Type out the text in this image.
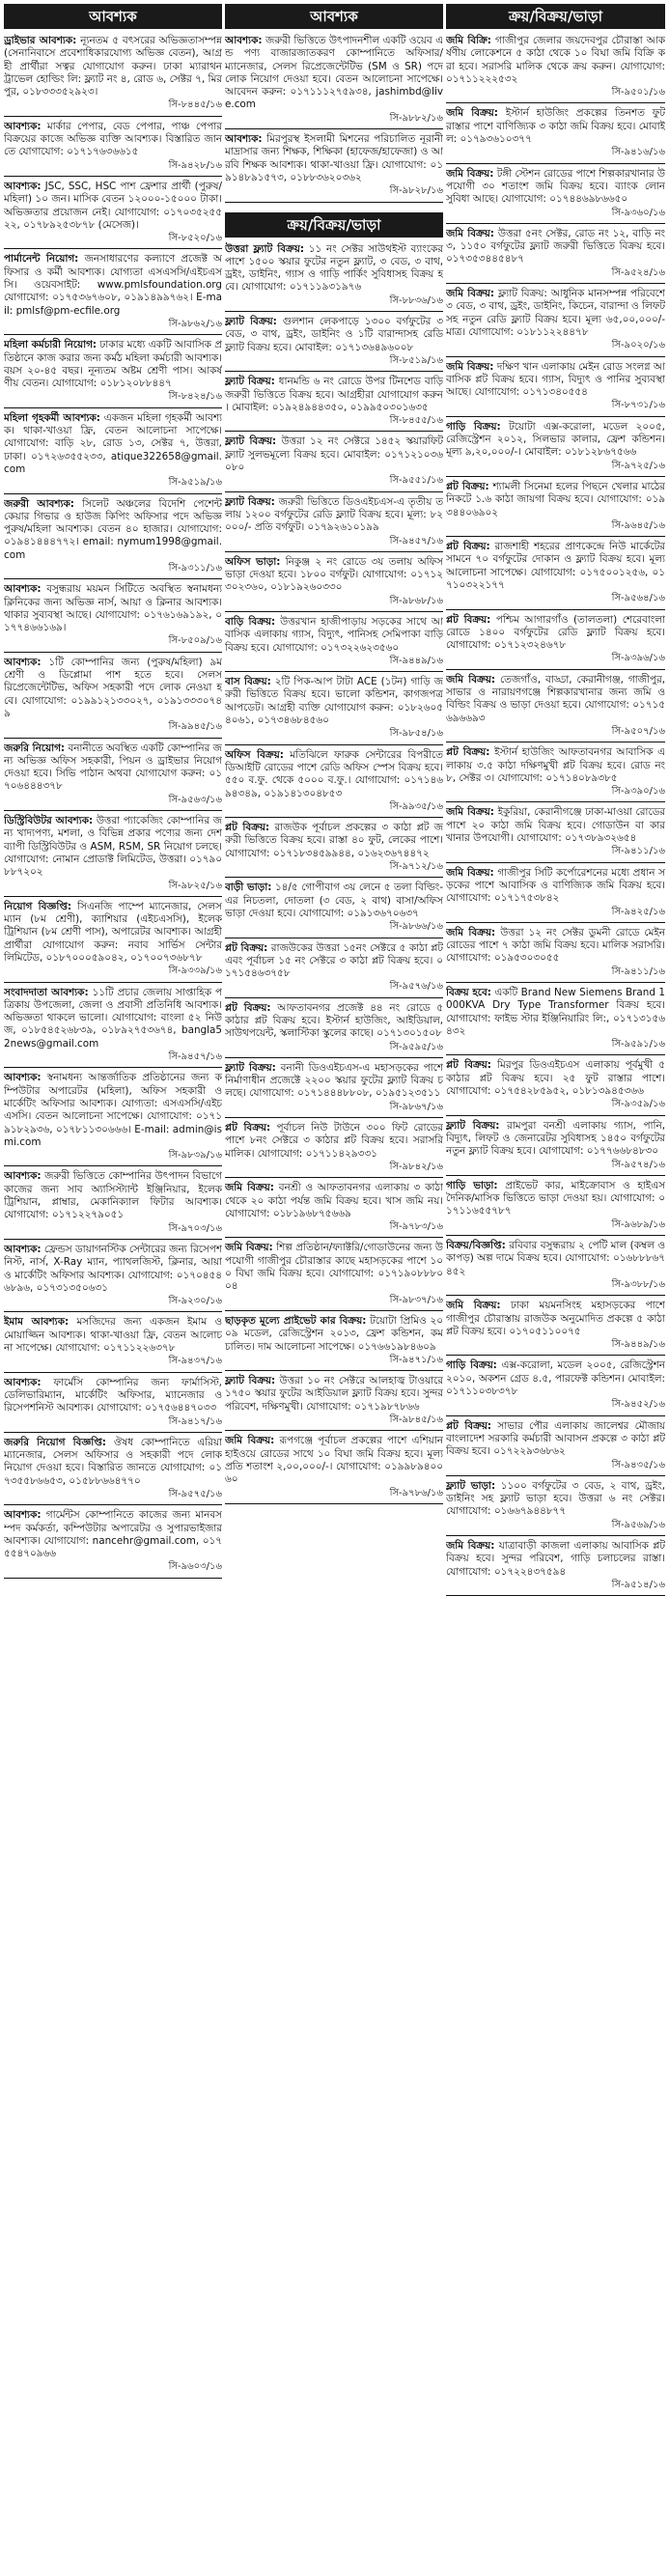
আবশ্যক
ড্রাইভার আবশ্যক: ন্যূনতম ৫ বৎসরের অভিজ্ঞতাসম্পন্ন (সেনানিবাসে প্রবেশাধিকারযোগ্য অভিজ্ঞ বেতন), আগ্রহী প্রার্থীরা সত্বর যোগাযোগ করুন। ঢাকা ম্যারাথন ট্রাভেল হোল্ডিং লি: ফ্ল্যাট নং ৪, রোড ৬, সেক্টর ৭, মিরপুর, ০১৮৩৩৩৫২৯২৩।
সি-৮৪৪৫/১৬
আবশ্যক: মার্কার পেপার, বেড পেপার, পাঞ্চ পেপার বিক্রয়ের কাজে অভিজ্ঞ ব্যক্তি আবশ্যক। বিস্তারিত জানতে যোগাযোগ: ০১৭১৭৬৩৬৬১৫
সি-৯৪২৮/১৬
আবশ্যক: JSC, SSC, HSC পাশ ফ্রেশার প্রার্থী (পুরুষ/মহিলা) ১০ জন। মাসিক বেতন ১২০০০-১৫০০০ টাকা। অভিজ্ঞতার প্রয়োজন নেই। যোগাযোগ: ০১৭০৩৫২৫৫২২, ০১৭৮৯২৫৩৮৭৮ (মেসেজ)।
সি-৮৫২০/১৬
পার্মানেন্ট নিয়োগ: জনসাধারণের কল্যাণে প্রজেক্ট অফিসার ও কর্মী আবশ্যক। যোগ্যতা এসএসসি/এইচএসসি। ওয়েবসাইট: www.pmlsfoundation.org যোগাযোগ: ০১৭৫৩৬৭৬০৮, ০১৯১৪৯৯৭৬২। E-mail: pmlsf@pm-ecfile.org
সি-৯৮৬২/১৬
মহিলা কর্মচারী নিয়োগ: ঢাকার মধ্যে একটি আবাসিক প্রতিষ্ঠানে কাজ করার জন্য কর্মঠ মহিলা কর্মচারী আবশ্যক। বয়স ২০-৪৫ বছর। নূন্যতম অষ্টম শ্রেণী পাস। আকর্ষণীয় বেতন। যোগাযোগ: ০১৮১২০৮৮৪৪৭
সি-৮৪২৪/১৬
মহিলা গৃহকর্মী আবশ্যক: একজন মহিলা গৃহকর্মী আবশ্যক। থাকা-খাওয়া ফ্রি, বেতন আলোচনা সাপেক্ষে। যোগাযোগ: বাড়ি ২৮, রোড ১৩, সেক্টর ৭, উত্তরা, ঢাকা। ০১৭২৬৩৫৫২৩৩, atique322658@gmail.com
সি-৯৫১৯/১৬
জরুরী আবশ্যক: সিলেট অঞ্চলের বিদেশি পেশেন্ট কেয়ার গিভার ও হাউজ কিপিং অফিসার পদে অভিজ্ঞ পুরুষ/মহিলা আবশ্যক। বেতন ৪০ হাজার। যোগাযোগ: ০১৯৪১৪৪৪৭৭২। email: nymum1998@gmail.com
সি-৯৩১১/১৬
আবশ্যক: বসুন্ধরায় ময়মন সিটিতে অবস্থিত স্বনামধন্য ক্লিনিকের জন্য অভিজ্ঞ নার্স, আয়া ও ক্লিনার আবশ্যক। থাকার সুব্যবস্থা আছে। যোগাযোগ: ০১৭৬১৬৯১৯২, ০১৭৭৪৬৬১৬৯।
সি-৮৫০৯/১৬
আবশ্যক: ১টি কোম্পানির জন্য (পুরুষ/মহিলা) ৯ম শ্রেণী ও ডিপ্লোমা পাশ হতে হবে। সেলস রিপ্রেজেন্টেটিভ, অফিস সহকারী পদে লোক নেওয়া হবে। যোগাযোগ: ০১৯৯১২১৩৩০২৭, ০১৯১৩৩৩০৭৪৯
সি-৯৯৪৫/১৬
জরুরি নিয়োগ: বনানীতে অবস্থিত একটি কোম্পানির জন্য অভিজ্ঞ অফিস সহকারী, পিয়ন ও ড্রাইভার নিয়োগ দেওয়া হবে। সিভি পাঠান অথবা যোগাযোগ করুন: ০১৭০৬৪৪৪৩৭৮
সি-৯৫৬৩/১৬
ডিস্ট্রিবিউটর আবশ্যক: উত্তরা প্যাকেজিং কোম্পানির জন্য খাদ্যপণ্য, মশলা, ও বিভিন্ন প্রকার পণ্যের জন্য দেশব্যাপী ডিস্ট্রিবিউটর ও ASM, RSM, SR নিয়োগ চলছে। যোগাযোগ: নোমান প্রোডাক্ট লিমিটেড, উত্তরা। ০১৭৯০৮৮৭২০২
সি-৯৮২৫/১৬
নিয়োগ বিজ্ঞপ্তি: সিএনজি পাম্পে ম্যানেজার, সেলসম্যান (৮ম শ্রেণী), ক্যাশিয়ার (এইচএসসি), ইলেকট্রিশিয়ান (৮ম শ্রেণী পাস), অপারেটর আবশ্যক। আগ্রহী প্রার্থীরা যোগাযোগ করুন: নবাব সার্ভিস সেন্টার লিমিটেড, ০১৮৭০০০৫৯০৪২, ০১৭০০৭৩৬৮৭৮
সি-৯৩৩৯/১৬
সংবাদদাতা আবশ্যক: ১১টি প্রচার জেলায় সাপ্তাহিক পত্রিকায় উপজেলা, জেলা ও প্রবাসী প্রতিনিধি আবশ্যক। অভিজ্ঞতা থাকলে ভালো। যোগাযোগ: বাংলা ৫২ নিউজ, ০১৮৫৪৫২৬৮৩৯, ০১৮৯২৭৫৩৬৭৪, bangla52news@gmail.com
সি-৯৪৫৭/১৬
আবশ্যক: স্বনামধন্য আন্তর্জাতিক প্রতিষ্ঠানের জন্য কম্পিউটার অপারেটর (মহিলা), অফিস সহকারী ও মার্কেটিং অফিসার আবশ্যক। যোগ্যতা: এসএসসি/এইচএসসি। বেতন আলোচনা সাপেক্ষে। যোগাযোগ: ০১৭১৯১৮২৯৩৬, ০১৭৮১১৩০৬৬৬। E-mail: admin@ismi.com
সি-৯৮৩৯/১৬
আবশ্যক: জরুরী ভিত্তিতে কোম্পানির উৎপাদন বিভাগে কাজের জন্য সাব অ্যাসিস্ট্যান্ট ইঞ্জিনিয়ার, ইলেকট্রিশিয়ান, প্লাম্বার, মেকানিক্যাল ফিটার আবশ্যক। যোগাযোগ: ০১৭১২২৭৯০৫১
সি-৯৭০৩/১৬
আবশ্যক: ফ্রেন্ডস ডায়াগনস্টিক সেন্টারের জন্য রিসেপশনিস্ট, নার্স, X-Ray ম্যান, প্যাথলজিস্ট, ক্লিনার, আয়া ও মার্কেটিং অফিসার আবশ্যক। যোগাযোগ: ০১৭০৪৫৪৬৮৯৬, ০১৭৩১৩৫০৬৩১
সি-৯২৩০/১৬
ইমাম আবশ্যক: মসজিদের জন্য একজন ইমাম ও মোয়াজ্জিন আবশ্যক। থাকা-খাওয়া ফ্রি, বেতন আলোচনা সাপেক্ষে। যোগাযোগ: ০১৭১১২২৬৩৭৮
সি-৯৪৩৭/১৬
আবশ্যক: ফার্মেসি কোম্পানির জন্য ফার্মাসিস্ট, ডেলিভারিম্যান, মার্কেটিং অফিসার, ম্যানেজার ও রিসেপশনিস্ট আবশ্যক। যোগাযোগ: ০১৭৫৬৪৪৭০৩৩
সি-৯৪১৭/১৬
জরুরি নিয়োগ বিজ্ঞপ্তি: ঔষধ কোম্পানিতে এরিয়া ম্যানেজার, সেলস অফিসার ও সহকারী পদে লোক নিয়োগ দেওয়া হবে। বিস্তারিত জানতে যোগাযোগ: ০১৭৩৫৫৮৬৬৫৩, ০১৫৮৮৬৬৪৭৭০
সি-৯৫৭৫/১৬
আবশ্যক: গার্মেন্টস কোম্পানিতে কাজের জন্য মানবসম্পদ কর্মকর্তা, কম্পিউটার অপারেটর ও সুপারভাইজার আবশ্যক। যোগাযোগ: nancehr@gmail.com, ০১৭৫৫৪৭০৯৬৬
সি-৯৬০৩/১৬
আবশ্যক
আবশ্যক: জরুরী ভিত্তিতে উৎপাদনশীল একটি ওয়েব এন্ড পণ্য বাজারজাতকরণ কোম্পানিতে অফিসার/ম্যানেজার, সেলস রিপ্রেজেন্টেটিভ (SM ও SR) পদে লোক নিয়োগ দেওয়া হবে। বেতন আলোচনা সাপেক্ষে। আবেদন করুন: ০১৭১১১২৭৫৯৩৪, jashimbd@live.com
সি-৯৮৮২/১৬
আবশ্যক: মিরপুরস্থ ইসলামী মিশনের পরিচালিত নূরানী মাদ্রাসার জন্য শিক্ষক, শিক্ষিকা (হাফেজ/হাফেজা) ও আরবি শিক্ষক আবশ্যক। থাকা-খাওয়া ফ্রি। যোগাযোগ: ০১৯১৪৮৯১৫৭৩, ০১৮৮৩৬২০৩৬২
সি-৯৮২৮/১৬
ক্রয়/বিক্রয়/ভাড়া
উত্তরা ফ্ল্যাট বিক্রয়: ১১ নং সেক্টর সাউথইস্ট ব্যাংকের পাশে ১৫০০ স্কয়ার ফুটের নতুন ফ্ল্যাট, ৩ বেড, ৩ বাথ, ড্রইং, ডাইনিং, গ্যাস ও গাড়ি পার্কিং সুবিধাসহ বিক্রয় হবে। যোগাযোগ: ০১৭১১৯৩১৯৭৬
সি-৮৮৩৬/১৬
ফ্ল্যাট বিক্রয়: গুলশান লেকপাড়ে ১৩০০ বর্গফুটের ৩ বেড, ৩ বাথ, ড্রইং, ডাইনিং ও ১টি বারান্দাসহ রেডি ফ্ল্যাট বিক্রয় হবে। মোবাইল: ০১৭১৩৬৪৯৬০০৮
সি-৮৫১৯/১৬
ফ্ল্যাট বিক্রয়: ধানমন্ডি ৬ নং রোডে উপর টিনশেড বাড়ি জরুরী ভিত্তিতে বিক্রয় হবে। আগ্রহীরা যোগাযোগ করুন। মোবাইল: ০১৯২৪৯৪৪৩৫০, ০১৯৯৫০৩০১৬৩৫
সি-৮৪৫৫/১৬
ফ্ল্যাট বিক্রয়: উত্তরা ১২ নং সেক্টরে ১৪৫২ স্কয়ারফিট ফ্ল্যাট সুলভমূল্যে বিক্রয় হবে। মোবাইল: ০১৭১২১০৩৬০৮০
সি-৯৫৫১/১৬
ফ্ল্যাট বিক্রয়: জরুরী ভিত্তিতে ডিওএইচএস-এ তৃতীয় তলায় ১২০০ বর্গফুটের রেডি ফ্ল্যাট বিক্রয় হবে। মূল্য: ৮২০০০/- প্রতি বর্গফুট। ০১৭৯২৬১০১৯৯
সি-৯৪৫৭/১৬
অফিস ভাড়া: নিকুঞ্জ ২ নং রোডে ৩য় তলায় অফিস ভাড়া দেওয়া হবে। ১৮০০ বর্গফুট। যোগাযোগ: ০১৭১২৩০২৩৬০, ০১৮১৯২৬০৩৩০
সি-৯৮৬৮/১৬
বাড়ি বিক্রয়: উত্তরখান হাজীপাড়ায় সড়কের সাথে আবাসিক এলাকায় গ্যাস, বিদ্যুৎ, পানিসহ সেমিপাকা বাড়ি বিক্রয় হবে। যোগাযোগ: ০১৭৩২২৬২৩৫৬০
সি-৯৪৪৯/১৬
বাস বিক্রয়: ২টি পিক-আপ টাটা ACE (১টন) গাড়ি জরুরী ভিত্তিতে বিক্রয় হবে। ভালো কন্ডিশন, কাগজপত্র আপডেট। আগ্রহী ব্যক্তি যোগাযোগ করুন: ০১৮২৬০৫৪০৬১, ০১৭৩৪৬৮৪৫৬০
সি-৯৮৫৪/১৬
অফিস বিক্রয়: মতিঝিলে ফারুক সেন্টারের বিপরীতে ডিআইটি রোডের পাশে রেডি অফিস স্পেস বিক্রয় হবে। ৫৫০ ব.ফু. থেকে ৫০০০ ব.ফু.। যোগাযোগ: ০১৭১৪৬৯৪৩৪৯, ০১৯১৪১৩০৪৮৫৩
সি-৯৯৩৫/১৬
প্লট বিক্রয়: রাজউক পূর্বাচল প্রকল্পের ৩ কাঠা প্লট জরুরী ভিত্তিতে বিক্রয় হবে। রাস্তা ৪০ ফুট, লেকের পাশে। যোগাযোগ: ০১৭১৮৩৪৫৯৯৪৪, ০১৬২৩৬৭৪৪৭২
সি-৯৭১২/১৬
বাড়ী ভাড়া: ১৪/৫ গোপীবাগ ৩য় লেনে ৫ তলা বিল্ডিং-এর নিচতলা, দোতলা (৩ বেড, ২ বাথ) বাসা/অফিস ভাড়া দেওয়া হবে। যোগাযোগ: ০১৯১৩৬৭০৬৩৭
সি-৯৮৬৬/১৬
প্লট বিক্রয়: রাজউকের উত্তরা ১৫নং সেক্টরে ৫ কাঠা প্লট এবং পূর্বাচল ১৫ নং সেক্টরে ৩ কাঠা প্লট বিক্রয় হবে। ০১৭১৫৪৬৩৭৫৮
সি-৯৫৭৬/১৬
প্লট বিক্রয়: আফতাবনগর প্রজেক্ট ৪৪ নং রোডে ৫ কাঠার প্লট বিক্রয় হবে। ইস্টার্ন হাউজিং, আইডিয়াল, সাউথপয়েন্ট, স্কলাস্টিকা স্কুলের কাছে। ০১৭১৩০১৫০৮
সি-৯৫৯৫/১৬
ফ্ল্যাট বিক্রয়: বনানী ডিওএইচএস-এ মহাসড়কের পাশে নির্মাণাধীন প্রজেক্টে ২২০০ স্কয়ার ফুটের ফ্ল্যাট বিক্রয় চলছে। যোগাযোগ: ০১৭১৪৪৪৮৮০৮, ০১৯৫১২৩৫১১
সি-৯৮৬৭/১৬
প্লট বিক্রয়: পূর্বাচল নিউ টাউনে ৩০০ ফিট রোডের পাশে ৮নং সেক্টরে ৩ কাঠার প্লট বিক্রয় হবে। সরাসরি মালিক। যোগাযোগ: ০১৭১১৪২৯৩৩১
সি-৯৮৪২/১৬
জমি বিক্রয়: বনশ্রী ও আফতাবনগর এলাকায় ৩ কাঠা থেকে ২০ কাঠা পর্যন্ত জমি বিক্রয় হবে। খাস জমি নয়। যোগাযোগ: ০১৮১৯৬৮৭৫৬৬৯
সি-৯৭৮৩/১৬
জমি বিক্রয়: শিল্প প্রতিষ্ঠান/ফ্যাক্টরি/গোডাউনের জন্য উপযোগী গাজীপুর চৌরাস্তার কাছে মহাসড়কের পাশে ১০০ বিঘা জমি বিক্রয় হবে। যোগাযোগ: ০১৭১৯০৮৮৮০০৪
সি-৯৮৩৭/১৬
ছাড়কৃত মূল্যে প্রাইভেট কার বিক্রয়: টয়োটা প্রিমিও ২০০৯ মডেল, রেজিস্ট্রেশন ২০১৩, ফ্রেশ কন্ডিশন, কম চালিত। দাম আলোচনা সাপেক্ষে। ০১৭৬৬১৯৮৪৬০৯
সি-৯৪৭১/১৬
ফ্ল্যাট বিক্রয়: উত্তরা ১০ নং সেক্টরে আলহাজ্ব টাওয়ারে ১৭৫০ স্কয়ার ফুটের আইডিয়াল ফ্ল্যাট বিক্রয় হবে। সুন্দর পরিবেশ, দক্ষিণমুখী। যোগাযোগ: ০১৭১৯৮৭৮৬৬
সি-৯৮৪৫/১৬
জমি বিক্রয়: রূপগঞ্জে পূর্বাচল প্রকল্পের পাশে এশিয়ান হাইওয়ে রোডের সাথে ১০ বিঘা জমি বিক্রয় হবে। মূল্য প্রতি শতাংশ ২,০০,০০০/-। যোগাযোগ: ০১৯৯৮৯৪০০৬০
সি-৯৭৮৬/১৬
ক্রয়/বিক্রয়/ভাড়া
জমি বিক্রি: গাজীপুর জেলার জয়দেবপুর চৌরাস্তা আকর্ষণীয় লোকেশনে ৫ কাঠা থেকে ১০ বিঘা জমি বিক্রি করা হবে। সরাসরি মালিক থেকে ক্রয় করুন। যোগাযোগ: ০১৭১১২২২৫৩২
সি-৯৫০১/১৬
জমি বিক্রয়: ইস্টার্ন হাউজিং প্রকল্পের তিনশত ফুট রাস্তার পাশে বাণিজ্যিক ৩ কাঠা জমি বিক্রয় হবে। মোবাইল: ০১৭৯৩৬১০৩৭৭
সি-৯৪১৬/১৬
জমি বিক্রয়: টঙ্গী স্টেশন রোডের পাশে শিল্পকারখানার উপযোগী ৩০ শতাংশ জমি বিক্রয় হবে। ব্যাংক লোন সুবিধা আছে। যোগাযোগ: ০১৭৪৪৬৯৮৬৬৫০
সি-৯৩৬০/১৬
জমি বিক্রয়: উত্তরা ৫নং সেক্টর, রোড নং ১২, বাড়ি নং ৩, ১১৫০ বর্গফুটের ফ্ল্যাট জরুরী ভিত্তিতে বিক্রয় হবে। ০১৭৩৫৩৪৪৫৪৮৭
সি-৯৫২৪/১৬
জমি বিক্রয়: ফ্ল্যাট বিক্রয়: আধুনিক মানসম্পন্ন পরিবেশে ৩ বেড, ৩ বাথ, ড্রইং, ডাইনিং, কিচেন, বারান্দা ও লিফটসহ নতুন রেডি ফ্ল্যাট বিক্রয় হবে। মূল্য ৬৫,০০,০০০/- মাত্র। যোগাযোগ: ০১৮১১২২৪৪৭৮
সি-৯০২০/১৬
জমি বিক্রয়: দক্ষিণ খান এলাকায় মেইন রোড সংলগ্ন আবাসিক প্লট বিক্রয় হবে। গ্যাস, বিদ্যুৎ ও পানির সুব্যবস্থা আছে। যোগাযোগ: ০১৭১৩৪০৫৫৪
সি-৮৭৩১/১৬
গাড়ি বিক্রয়: টয়োটা এক্স-করোলা, মডেল ২০০৫, রেজিস্ট্রেশন ২০১২, সিলভার কালার, ফ্রেশ কন্ডিশন। মূল্য ৯,২০,০০০/-। মোবাইল: ০১৮১২৮৬৭৫৬৬
সি-৯৭২৫/১৬
প্লট বিক্রয়: শ্যামলী সিনেমা হলের পিছনে খেলার মাঠের নিকটে ১.৬ কাঠা জায়গা বিক্রয় হবে। যোগাযোগ: ০১৯৩৪৪০৬৯০২
সি-৯৬৪৫/১৬
প্লট বিক্রয়: রাজশাহী শহরের প্রাণকেন্দ্রে নিউ মার্কেটের সামনে ৭০ বর্গফুটের দোকান ও ফ্ল্যাট বিক্রয় হবে। মূল্য আলোচনা সাপেক্ষে। যোগাযোগ: ০১৭৫০০১২৫৬, ০১৭১০৩২২১৭৭
সি-৯৫৬৪/১৬
প্লট বিক্রয়: পশ্চিম আগারগাঁও (তালতলা) শেরেবাংলা রোডে ১৪০০ বর্গফুটের রেডি ফ্ল্যাট বিক্রয় হবে। যোগাযোগ: ০১৭১২৩২৪৬৭৮
সি-৯৩৯৬/১৬
জমি বিক্রয়: তেজগাঁও, বাড্ডা, কেরানীগঞ্জ, গাজীপুর, সাভার ও নারায়ণগঞ্জে শিল্পকারখানার জন্য জমি ও বিল্ডিং বিক্রয় ও ভাড়া দেওয়া হবে। যোগাযোগ: ০১৭১৫৬৯৬৬৯৩
সি-৯৫০৭/১৬
প্লট বিক্রয়: ইস্টার্ন হাউজিং আফতাবনগর আবাসিক এলাকায় ৩.৫ কাঠা দক্ষিণমুখী প্লট বিক্রয় হবে। রোড নং ৮, সেক্টর ৩। যোগাযোগ: ০১৭১৪০৮৯৩৮৫
সি-৯৩৯০/১৬
জমি বিক্রয়: ইকুরিয়া, কেরানীগঞ্জে ঢাকা-মাওয়া রোডের পাশে ২০ কাঠা জমি বিক্রয় হবে। গোডাউন বা কারখানার উপযোগী। যোগাযোগ: ০১৭৩৮৯৩২৬৫৪
সি-৯৪১১/১৬
জমি বিক্রয়: গাজীপুর সিটি কর্পোরেশনের মধ্যে প্রধান সড়কের পাশে আবাসিক ও বাণিজ্যিক জমি বিক্রয় হবে। যোগাযোগ: ০১৭১৭৫৩৮৪২
সি-৯৪২৫/১৬
জমি বিক্রয়: উত্তরা ১২ নং সেক্টর ডুমনী রোডে মেইন রোডের পাশে ৭ কাঠা জমি বিক্রয় হবে। মালিক সরাসরি। যোগাযোগ: ০১৯৫৩০৩০৫৫
সি-৯৪১১/১৬
বিক্রয় হবে: একটি Brand New Siemens Brand 1000KVA Dry Type Transformer বিক্রয় হবে। যোগাযোগ: ফাইভ স্টার ইঞ্জিনিয়ারিং লি:, ০১৭১৩১৫৬৪৩২
সি-৯৫৯১/১৬
প্লট বিক্রয়: মিরপুর ডিওএইচএস এলাকায় পূর্বমুখী ৫ কাঠার প্লট বিক্রয় হবে। ২৫ ফুট রাস্তার পাশে। যোগাযোগ: ০১৭৫৪২৮৫৯৫২, ০১৮১৩৯৪৫৩৬৬
সি-৯৩৫৯/১৬
ফ্ল্যাট বিক্রয়: রামপুরা বনশ্রী এলাকায় গ্যাস, পানি, বিদ্যুৎ, লিফট ও জেনারেটর সুবিধাসহ ১৪৫০ বর্গফুটের নতুন ফ্ল্যাট বিক্রয় হবে। যোগাযোগ: ০১৭৭৬৬৮৪৮৩০
সি-৯৫৭৪/১৬
গাড়ি ভাড়া: প্রাইভেট কার, মাইক্রোবাস ও হাইএস দৈনিক/মাসিক ভিত্তিতে ভাড়া দেওয়া হয়। যোগাযোগ: ০১৭১১৬৫৫৭৮৭
সি-৯৬৮৯/১৬
বিক্রয়/বিজ্ঞপ্তি: রবিবার বসুন্ধরায় ২ পেটি মাল (কম্বল ও কাপড়) অল্প দামে বিক্রয় হবে। যোগাযোগ: ০১৬৮৮৮৬৭৪৫২
সি-৯৩৮৮/১৬
জমি বিক্রয়: ঢাকা ময়মনসিংহ মহাসড়কের পাশে গাজীপুর চৌরাস্তায় রাজউক অনুমোদিত প্রকল্পে ৫ কাঠা প্লট বিক্রয় হবে। ০১৭০৫১১০০৭৫
সি-৯৪৪৯/১৬
গাড়ি বিক্রয়: এক্স-করোলা, মডেল ২০০৫, রেজিস্ট্রেশন ২০১০, অকশন গ্রেড ৪.৫, পারফেক্ট কন্ডিশন। মোবাইল: ০১৭১১০৩৮৩৭৮
সি-৯৪৫২/১৬
প্লট বিক্রয়: সাভার পৌর এলাকায় জালেশ্বর মৌজায় বাংলাদেশ সরকারি কর্মচারী আবাসন প্রকল্পে ৩ কাঠা প্লট বিক্রয় হবে। ০১৭২২৯৩৬৮৬২
সি-৯৪৩৫/১৬
ফ্ল্যাট ভাড়া: ১১০০ বর্গফুটের ৩ বেড, ২ বাথ, ড্রইং, ডাইনিং সহ ফ্ল্যাট ভাড়া হবে। উত্তরা ৬ নং সেক্টর। যোগাযোগ: ০১৬৬৭৯৪৪৮৭৭
সি-৯৫৬৯/১৬
জমি বিক্রয়: যাত্রাবাড়ী কাজলা এলাকায় আবাসিক প্লট বিক্রয় হবে। সুন্দর পরিবেশ, গাড়ি চলাচলের রাস্তা। যোগাযোগ: ০১৭২২৪৩৭৫৯৪
সি-৯৫১৪/১৬
